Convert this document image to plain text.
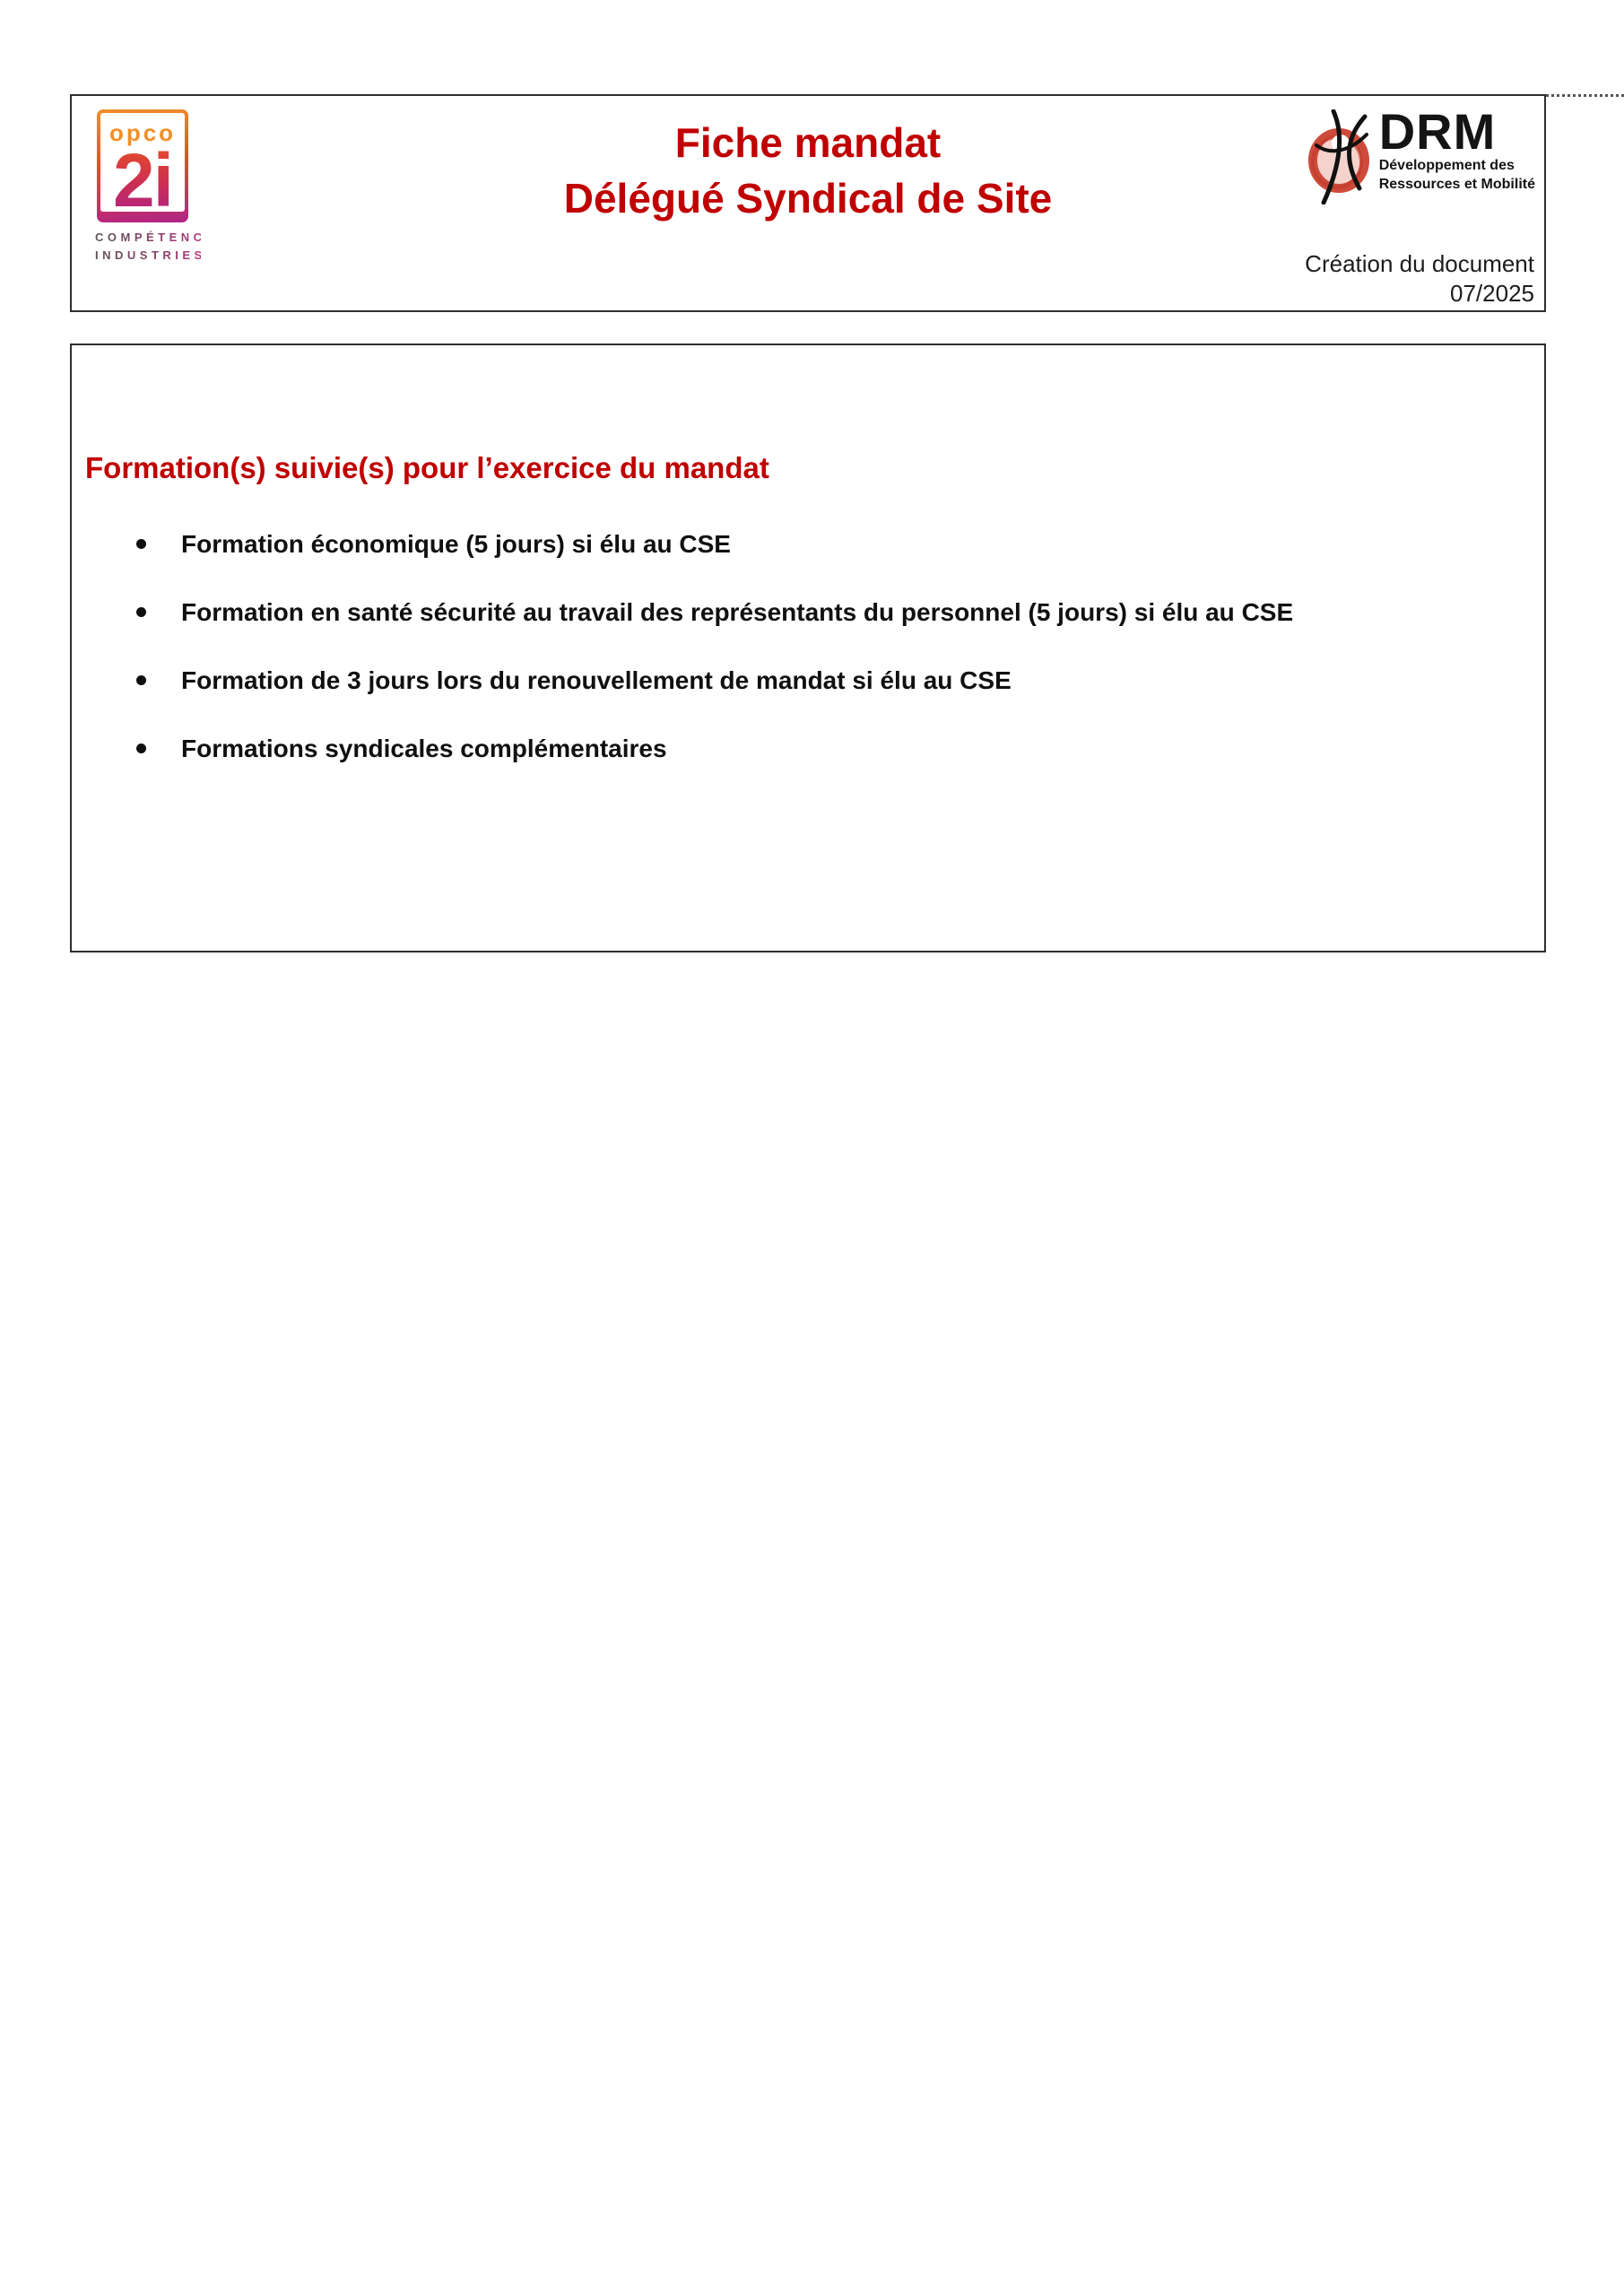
opco
2i
COMPÉTENCES
INDUSTRIES
Fiche mandat
Délégué Syndical de Site
DRM
Développement des
Ressources et Mobilité
Création du document
07/2025
Formation(s) suivie(s) pour l’exercice du mandat
Formation économique (5 jours) si élu au CSE
Formation en santé sécurité au travail des représentants du personnel (5 jours) si élu au CSE
Formation de 3 jours lors du renouvellement de mandat si élu au CSE
Formations syndicales complémentaires
